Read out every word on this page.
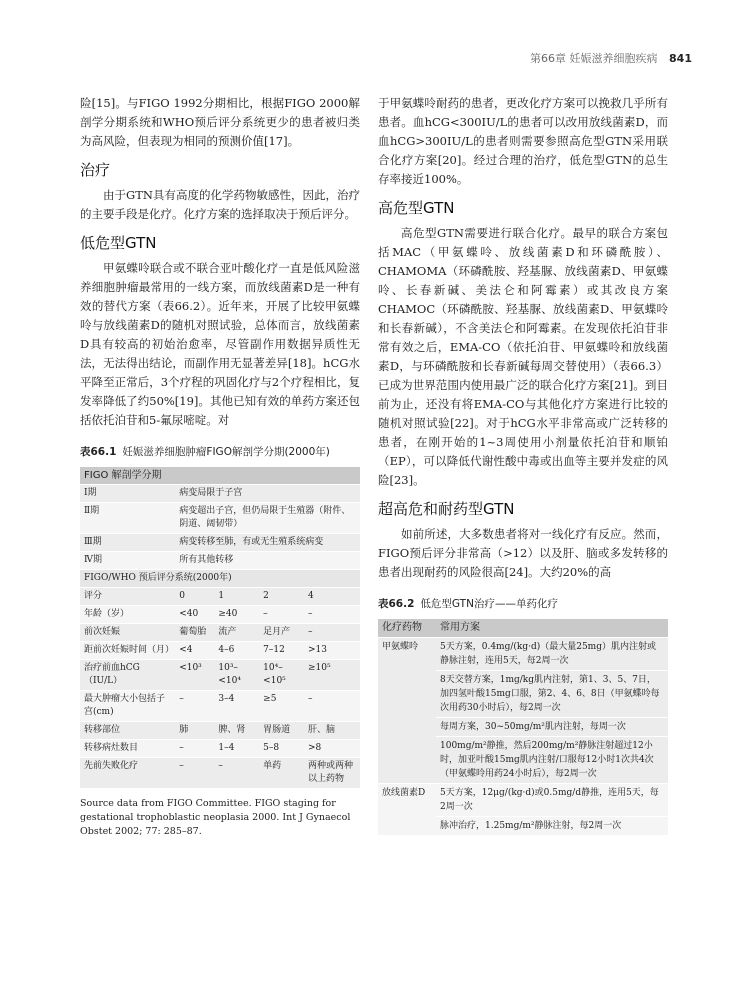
第66章 妊娠滋养细胞疾病 841

险[15]。与FIGO 1992分期相比，根据FIGO 2000解剖学分期系统和WHO预后评分系统更少的患者被归类为高风险，但表现为相同的预测价值[17]。

治疗

由于GTN具有高度的化学药物敏感性，因此，治疗的主要手段是化疗。化疗方案的选择取决于预后评分。

低危型GTN

甲氨蝶呤联合或不联合亚叶酸化疗一直是低风险滋养细胞肿瘤最常用的一线方案，而放线菌素D是一种有效的替代方案（表66.2）。近年来，开展了比较甲氨蝶呤与放线菌素D的随机对照试验，总体而言，放线菌素D具有较高的初始治愈率，尽管副作用数据异质性无法，无法得出结论，而副作用无显著差异[18]。hCG水平降至正常后，3个疗程的巩固化疗与2个疗程相比，复发率降低了约50%[19]。其他已知有效的单药方案还包括依托泊苷和5-氟尿嘧啶。对

表66.1 妊娠滋养细胞肿瘤FIGO解剖学分期(2000年)
FIGO 解剖学分期				
Ⅰ期	病变局限于子宫			
Ⅱ期	病变超出子宫，但仍局限于生殖器（附件、阴道、阔韧带）			
Ⅲ期	病变转移至肺，有或无生殖系统病变			
Ⅳ期	所有其他转移			
FIGO/WHO 预后评分系统(2000年)				
评分	0	1	2	4
年龄（岁）	<40	≥40	–	–
前次妊娠	葡萄胎	流产	足月产	–
距前次妊娠时间（月）	<4	4–6	7–12	>13
治疗前血hCG（IU/L）	<10³	10³–<10⁴	10⁴–<10⁵	≥10⁵
最大肿瘤大小包括子宫(cm)	–	3–4	≥5	–
转移部位	肺	脾、肾	胃肠道	肝、脑
转移病灶数目	–	1–4	5–8	>8
先前失败化疗	–	–	单药	两种或两种以上药物

Source data from FIGO Committee. FIGO staging for gestational trophoblastic neoplasia 2000. Int J Gynaecol Obstet 2002; 77: 285–87.

于甲氨蝶呤耐药的患者，更改化疗方案可以挽救几乎所有患者。血hCG<300IU/L的患者可以改用放线菌素D，而血hCG>300IU/L的患者则需要参照高危型GTN采用联合化疗方案[20]。经过合理的治疗，低危型GTN的总生存率接近100%。

高危型GTN

高危型GTN需要进行联合化疗。最早的联合方案包括MAC（甲氨蝶呤、放线菌素D和环磷酰胺）、CHAMOMA（环磷酰胺、羟基脲、放线菌素D、甲氨蝶呤、长春新碱、美法仑和阿霉素）或其改良方案CHAMOC（环磷酰胺、羟基脲、放线菌素D、甲氨蝶呤和长春新碱），不含美法仑和阿霉素。在发现依托泊苷非常有效之后，EMA-CO（依托泊苷、甲氨蝶呤和放线菌素D，与环磷酰胺和长春新碱每周交替使用）（表66.3）已成为世界范围内使用最广泛的联合化疗方案[21]。到目前为止，还没有将EMA-CO与其他化疗方案进行比较的随机对照试验[22]。对于hCG水平非常高或广泛转移的患者，在刚开始的1~3周使用小剂量依托泊苷和顺铂（EP），可以降低代谢性酸中毒或出血等主要并发症的风险[23]。

超高危和耐药型GTN

如前所述，大多数患者将对一线化疗有反应。然而，FIGO预后评分非常高（>12）以及肝、脑或多发转移的患者出现耐药的风险很高[24]。大约20%的高

表66.2 低危型GTN治疗——单药化疗
化疗药物	常用方案
甲氨蝶呤	5天方案，0.4mg/(kg·d)（最大量25mg）肌内注射或静脉注射，连用5天，每2周一次
	8天交替方案，1mg/kg肌内注射，第1、3、5、7日，加四氢叶酸15mg口服，第2、4、6、8日（甲氨蝶呤每次用药30小时后），每2周一次
	每周方案，30~50mg/m²肌内注射，每周一次
	100mg/m²静推，然后200mg/m²静脉注射超过12小时，加亚叶酸15mg肌内注射/口服每12小时1次共4次（甲氨蝶呤用药24小时后），每2周一次
放线菌素D	5天方案，12μg/(kg·d)或0.5mg/d静推，连用5天，每2周一次
	脉冲治疗，1.25mg/m²静脉注射，每2周一次
